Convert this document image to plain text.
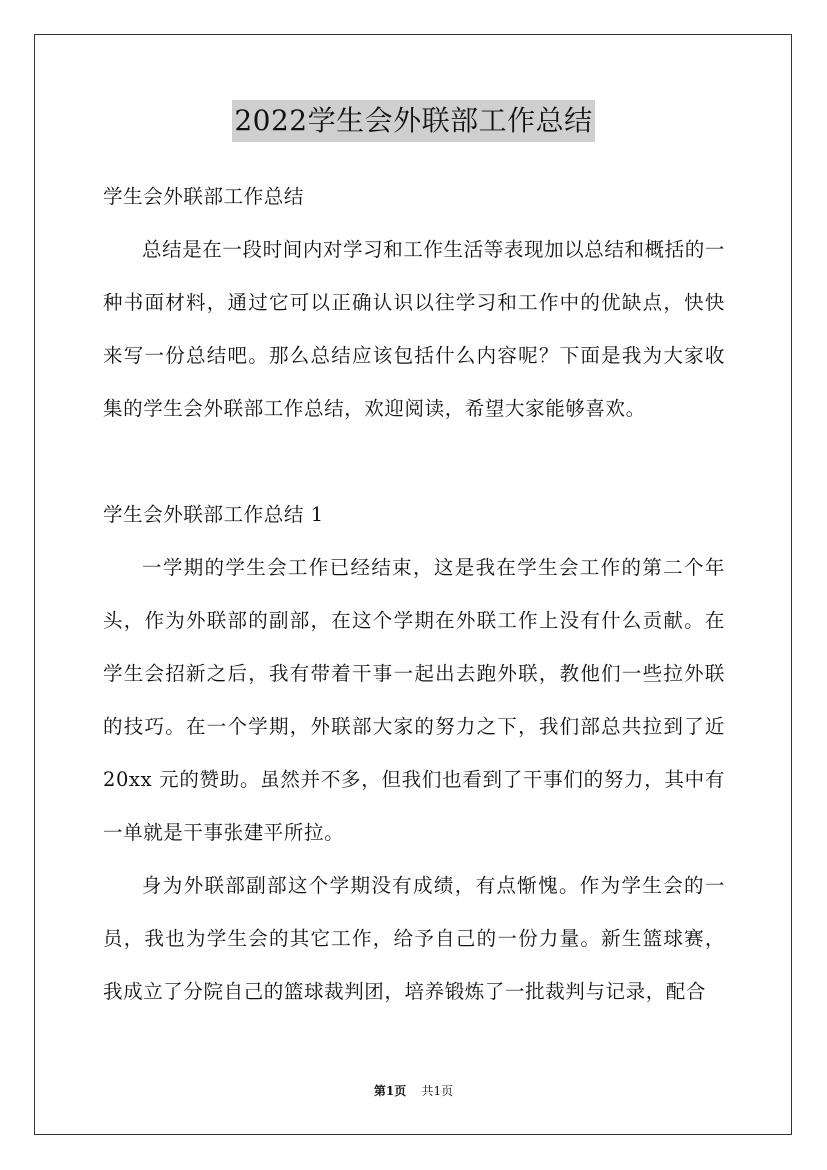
2022学生会外联部工作总结

学生会外联部工作总结

总结是在一段时间内对学习和工作生活等表现加以总结和概括的一种书面材料，通过它可以正确认识以往学习和工作中的优缺点，快快来写一份总结吧。那么总结应该包括什么内容呢？下面是我为大家收集的学生会外联部工作总结，欢迎阅读，希望大家能够喜欢。

学生会外联部工作总结 1

一学期的学生会工作已经结束，这是我在学生会工作的第二个年头，作为外联部的副部，在这个学期在外联工作上没有什么贡献。在学生会招新之后，我有带着干事一起出去跑外联，教他们一些拉外联的技巧。在一个学期，外联部大家的努力之下，我们部总共拉到了近 20xx 元的赞助。虽然并不多，但我们也看到了干事们的努力，其中有一单就是干事张建平所拉。

身为外联部副部这个学期没有成绩，有点惭愧。作为学生会的一员，我也为学生会的其它工作，给予自己的一份力量。新生篮球赛，我成立了分院自己的篮球裁判团，培养锻炼了一批裁判与记录，配合

第1页 共1页
